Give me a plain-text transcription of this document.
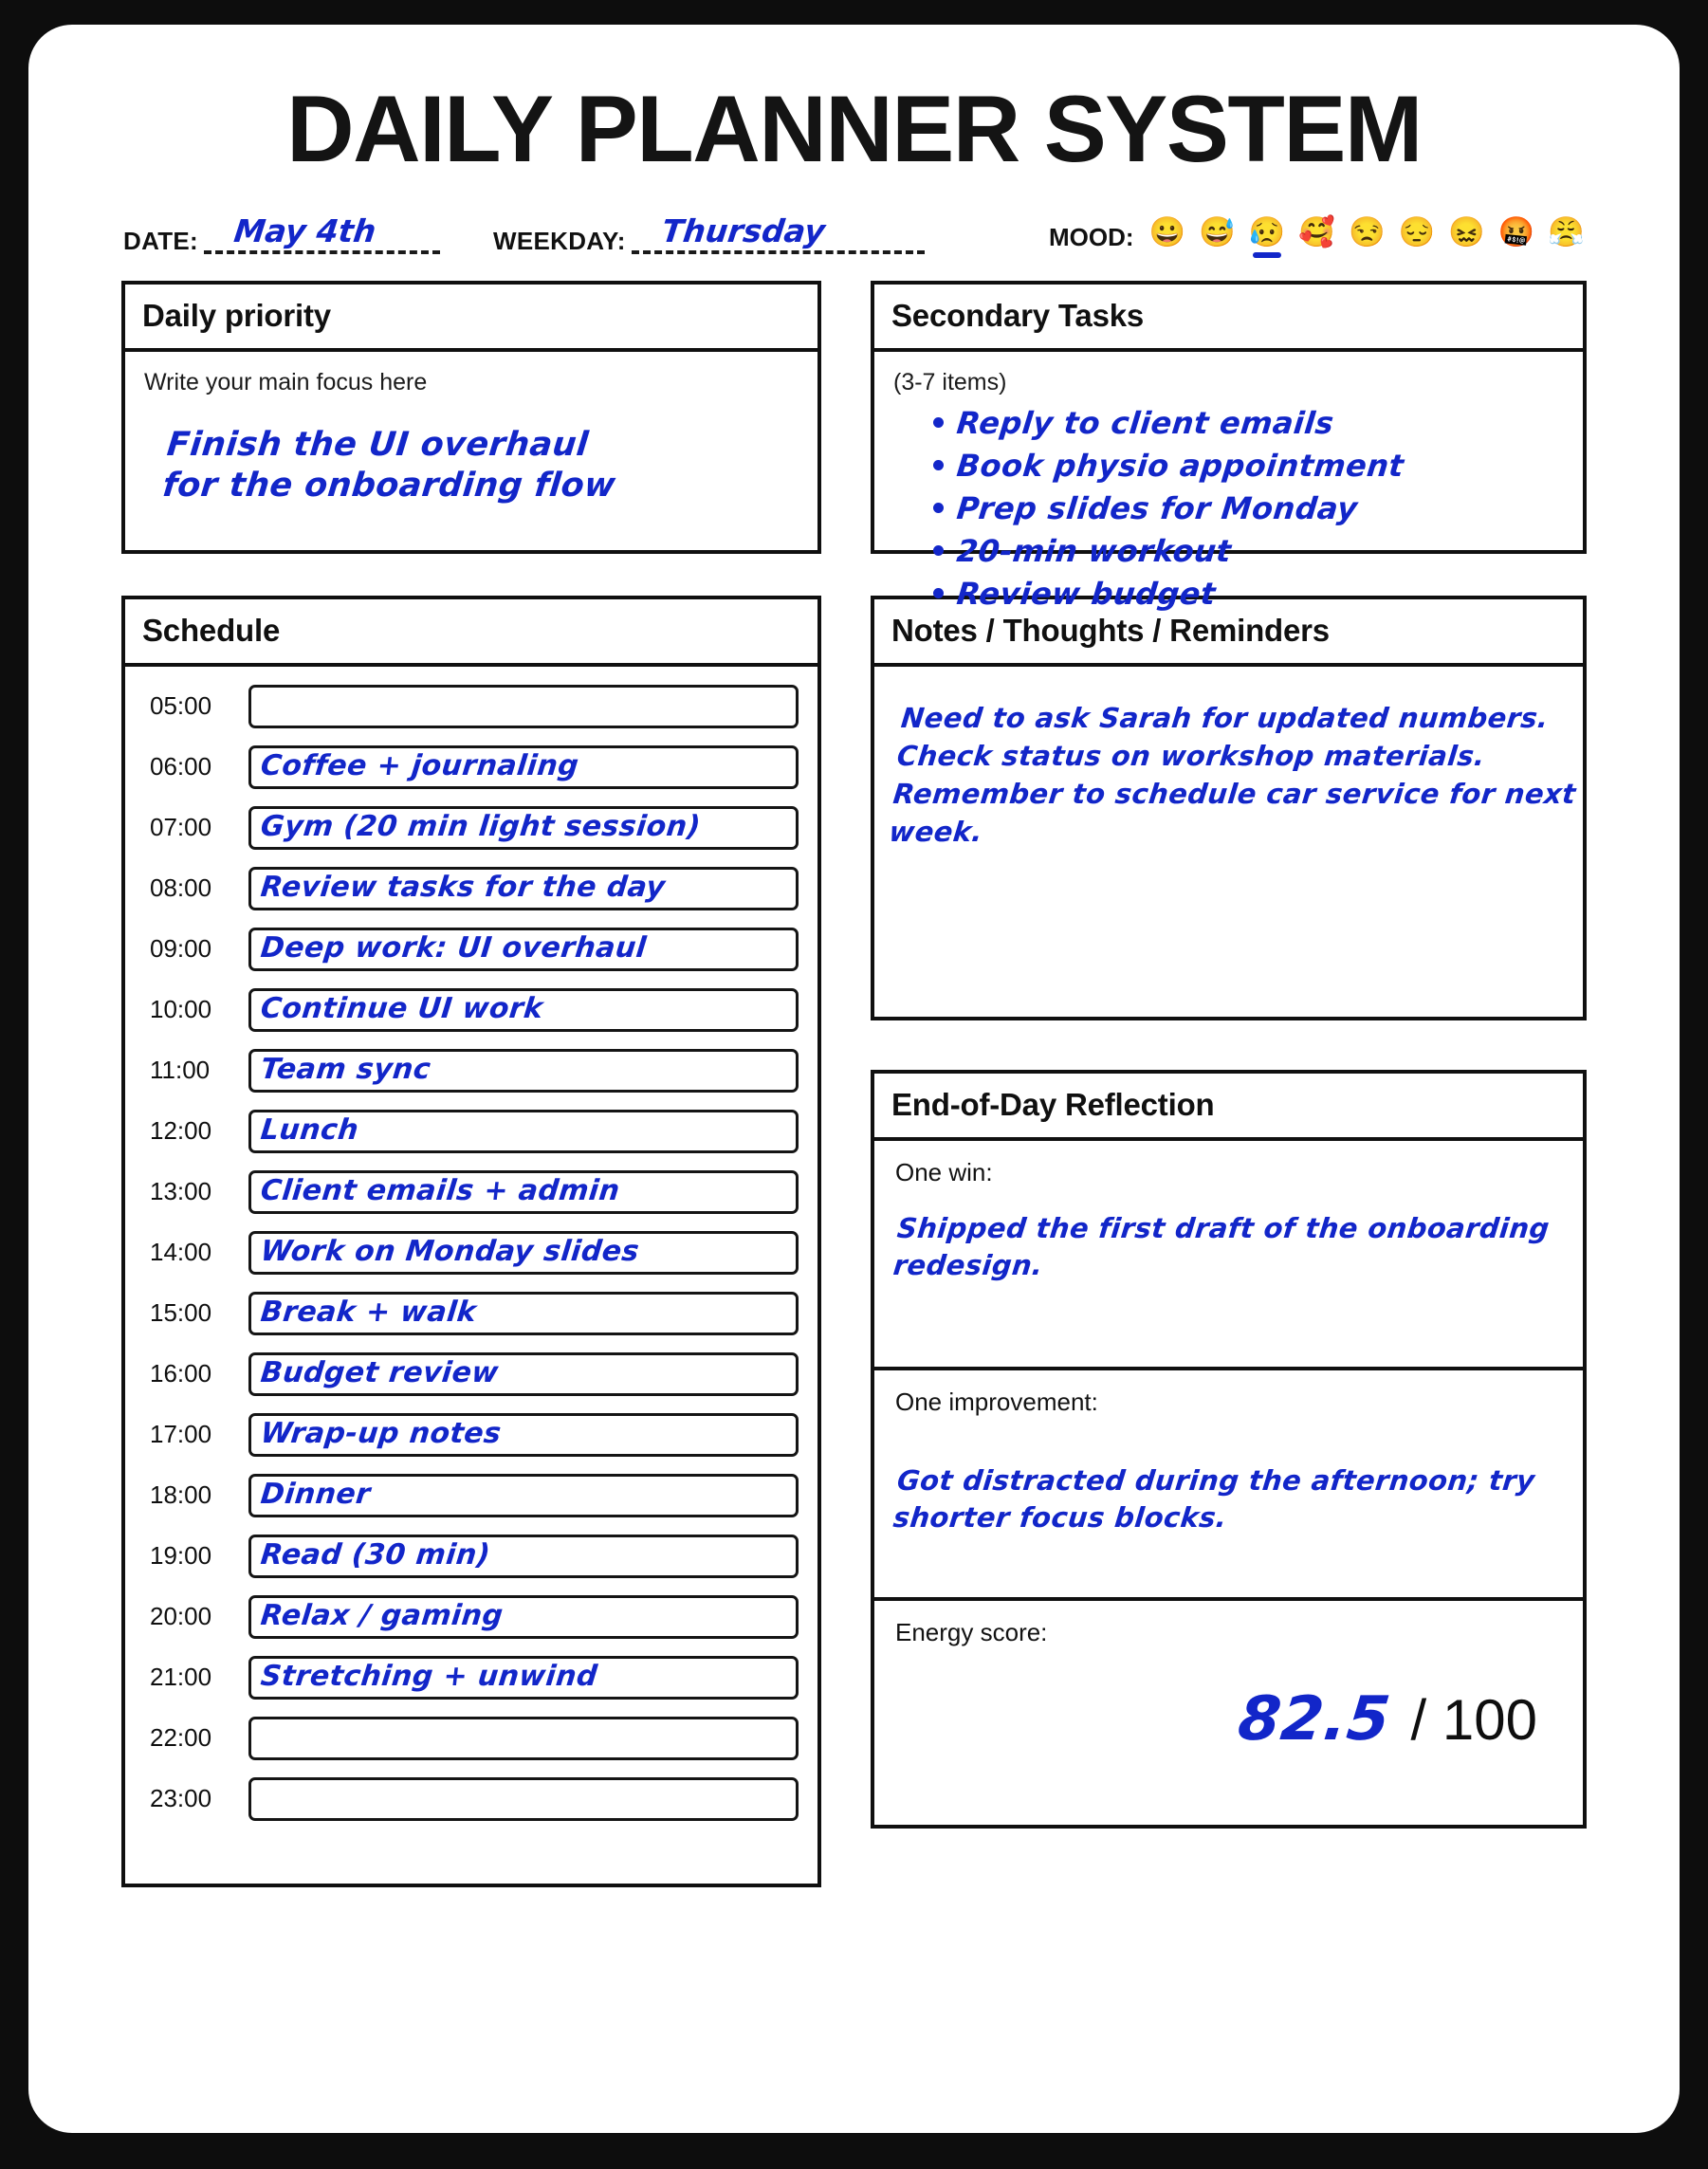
DAILY PLANNER SYSTEM
DATE: May 4th	WEEKDAY: Thursday	MOOD: 😀 😅 😥 🥰 😒 😔 😖 🤬 😤
Daily priority
Write your main focus here
Finish the UI overhaul
for the onboarding flow
Schedule
05:00
06:00	Coffee + journaling
07:00	Gym (20 min light session)
08:00	Review tasks for the day
09:00	Deep work: UI overhaul
10:00	Continue UI work
11:00	Team sync
12:00	Lunch
13:00	Client emails + admin
14:00	Work on Monday slides
15:00	Break + walk
16:00	Budget review
17:00	Wrap-up notes
18:00	Dinner
19:00	Read (30 min)
20:00	Relax / gaming
21:00	Stretching + unwind
22:00
23:00
Secondary Tasks
(3-7 items)
Reply to client emails
Book physio appointment
Prep slides for Monday
20-min workout
Review budget
Notes / Thoughts / Reminders
Need to ask Sarah for updated numbers.
Check status on workshop materials.
Remember to schedule car service for next
week.
End-of-Day Reflection
One win:
Shipped the first draft of the onboarding
redesign.
One improvement:
Got distracted during the afternoon; try
shorter focus blocks.
Energy score:
82.5 / 100
